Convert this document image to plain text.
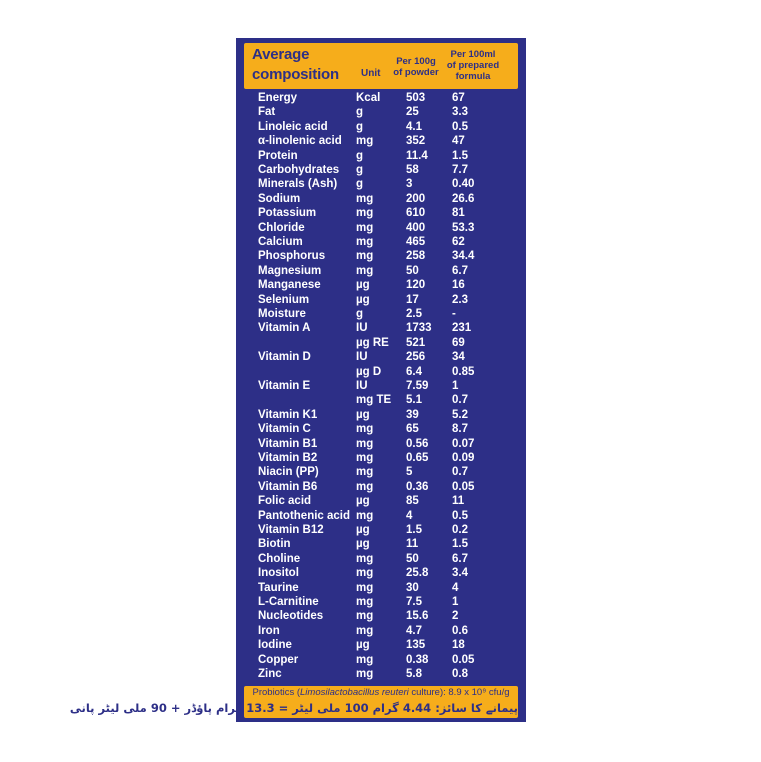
Average
composition Unit
Per 100g
of powder
Per 100ml
of prepared
formula
Energy	Kcal 503 67
Fat	g	25	3.3
Linoleic acid g	4.1	0.5
α-linolenic acid mg	352 47
Protein	g	11.4 1.5
Carbohydrates g	58	7.7
Minerals (Ash) g	3	0.40
Sodium	mg	200 26.6
Potassium	mg	610 81
Chloride	mg	400 53.3
Calcium	mg	465 62
Phosphorus	mg	258 34.4
Magnesium	mg	50	6.7
Manganese	µg	120 16
Selenium	µg	17	2.3
Moisture	g	2.5	-
Vitamin A	IU	1733 231
µg RE 521 69
Vitamin D	IU	256 34
µg D 6.4	0.85
Vitamin E	IU	7.59 1
mg TE 5.1	0.7
Vitamin K1	µg	39	5.2
Vitamin C	mg	65	8.7
Vitamin B1	mg	0.56 0.07
Vitamin B2	mg	0.65 0.09
Niacin (PP)	mg	5	0.7
Vitamin B6	mg	0.36 0.05
Folic acid	µg	85	11
Pantothenic acid mg	4	0.5
Vitamin B12	µg	1.5	0.2
Biotin	µg	11	1.5
Choline	mg	50	6.7
Inositol	mg	25.8 3.4
Taurine	mg	30	4
L-Carnitine	mg	7.5	1
Nucleotides	mg	15.6 2
Iron	mg	4.7	0.6
Iodine	µg	135 18
Copper	mg	0.38 0.05
Zinc	mg	5.8	0.8
Probiotics (Limosilactobacillus reuteri culture): 8.9 x 10⁹ cfu/g
پیمانے کا سائز: 4.44 گرام 100 ملی لیٹر = 13.3 گرام پاؤڈر + 90 ملی لیٹر پانی
